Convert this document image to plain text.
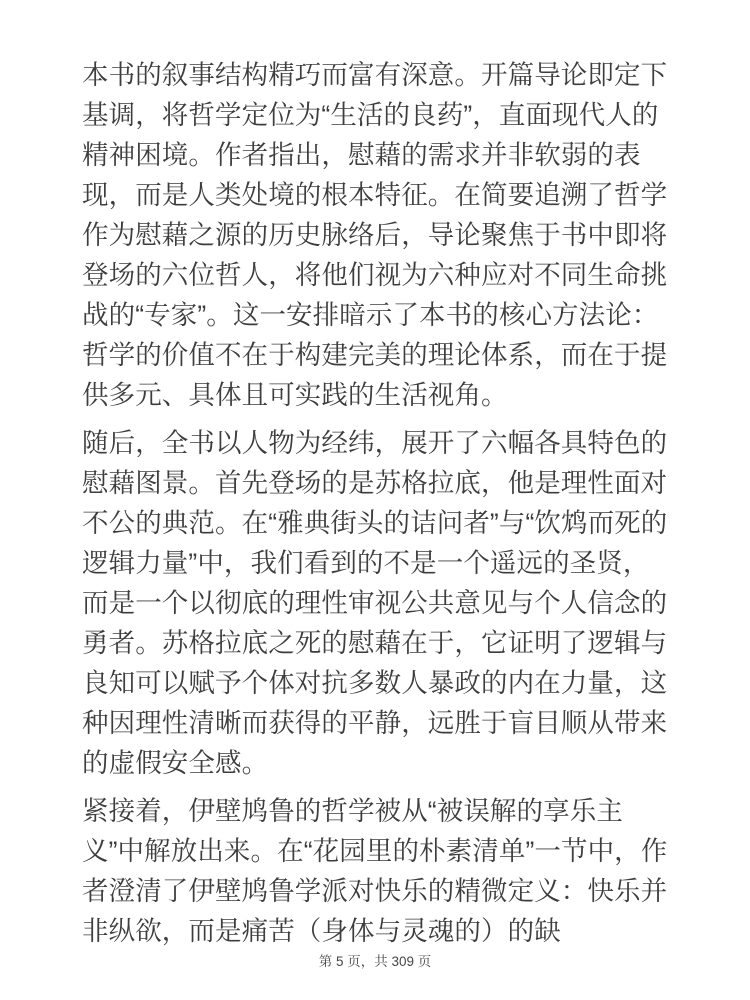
本书的叙事结构精巧而富有深意。开篇导论即定下基调，将哲学定位为“生活的良药”，直面现代人的精神困境。作者指出，慰藉的需求并非软弱的表现，而是人类处境的根本特征。在简要追溯了哲学作为慰藉之源的历史脉络后，导论聚焦于书中即将登场的六位哲人，将他们视为六种应对不同生命挑战的“专家”。这一安排暗示了本书的核心方法论：哲学的价值不在于构建完美的理论体系，而在于提供多元、具体且可实践的生活视角。

随后，全书以人物为经纬，展开了六幅各具特色的慰藉图景。首先登场的是苏格拉底，他是理性面对不公的典范。在“雅典街头的诘问者”与“饮鸩而死的逻辑力量”中，我们看到的不是一个遥远的圣贤，而是一个以彻底的理性审视公共意见与个人信念的勇者。苏格拉底之死的慰藉在于，它证明了逻辑与良知可以赋予个体对抗多数人暴政的内在力量，这种因理性清晰而获得的平静，远胜于盲目顺从带来的虚假安全感。

紧接着，伊壁鸠鲁的哲学被从“被误解的享乐主义”中解放出来。在“花园里的朴素清单”一节中，作者澄清了伊壁鸠鲁学派对快乐的精微定义：快乐并非纵欲，而是痛苦（身体与灵魂的）的缺

第 5 页，共 309 页
